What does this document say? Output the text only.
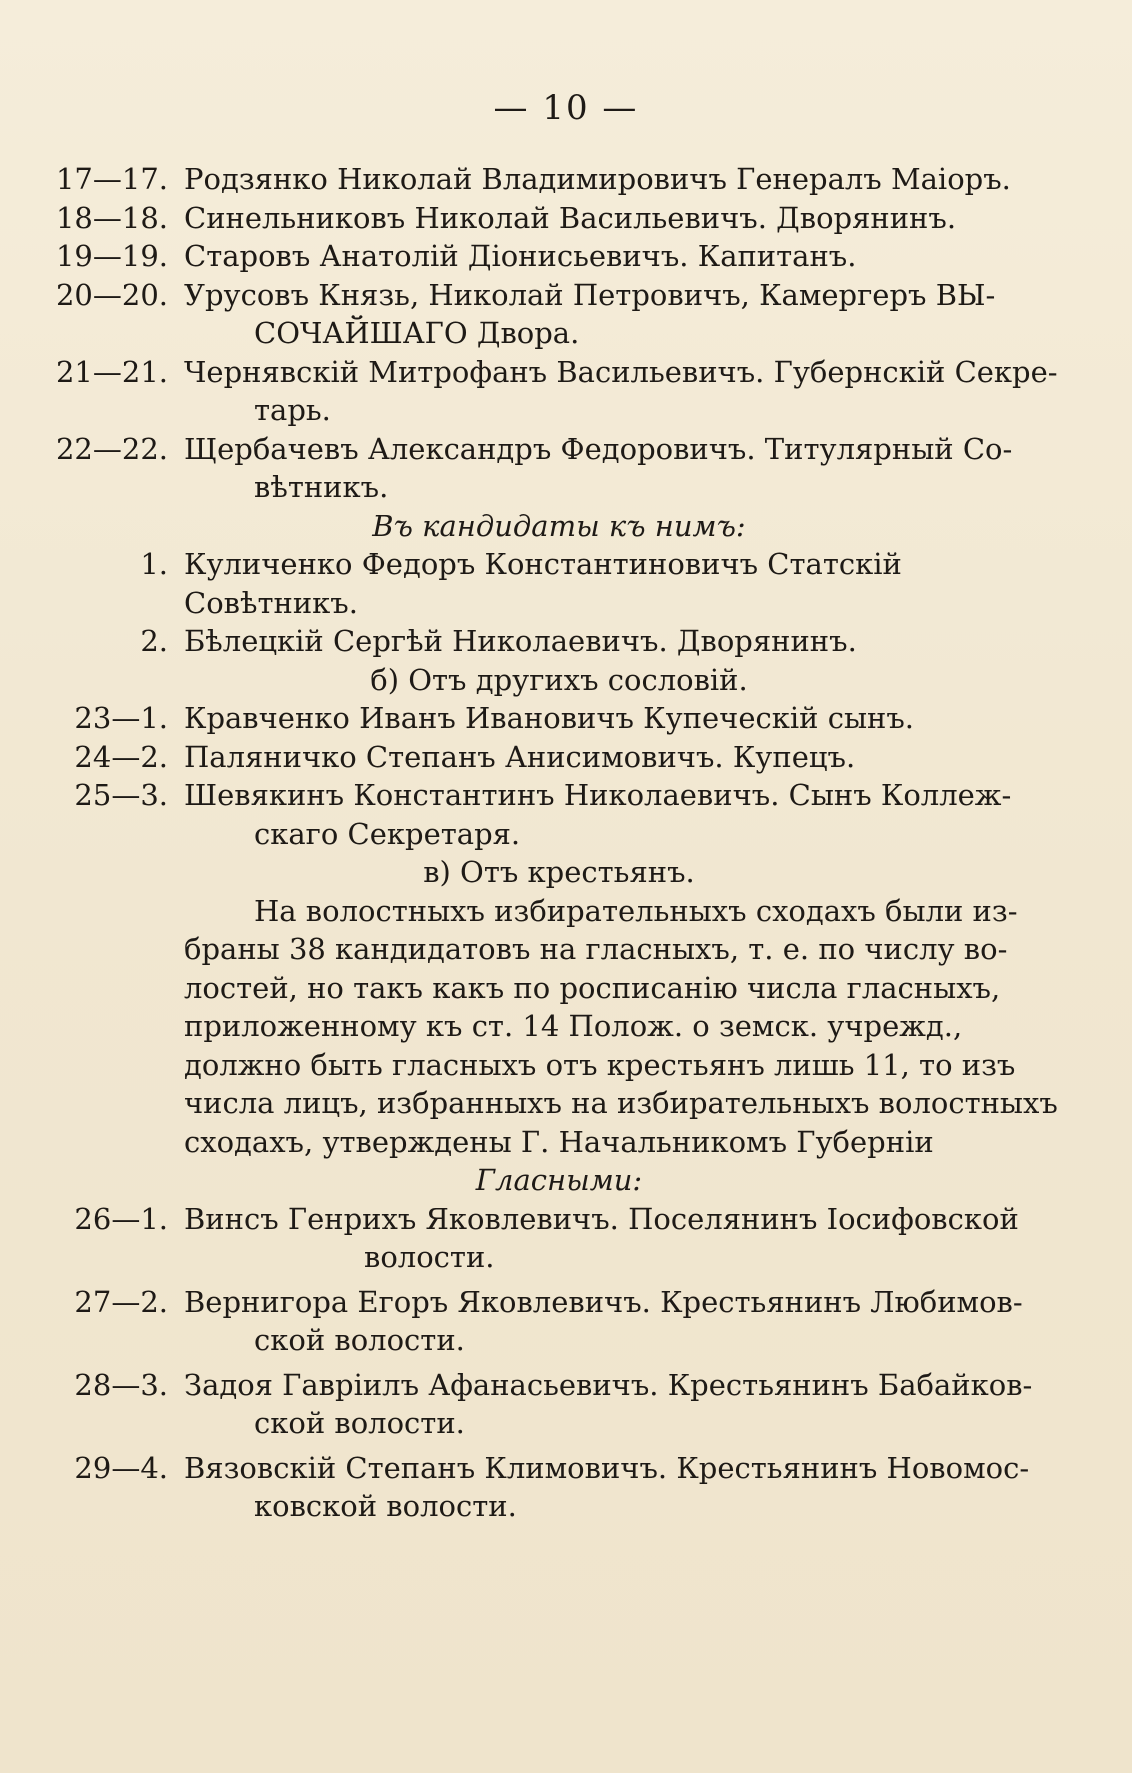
— 10 —
17—17. Родзянко Николай Владимировичъ Генералъ Маіоръ.
18—18. Синельниковъ Николай Васильевичъ. Дворянинъ.
19—19. Старовъ Анатолій Діонисьевичъ. Капитанъ.
20—20. Урусовъ Князь, Николай Петровичъ, Камергеръ ВЫ-
СОЧАЙШАГО Двора.
21—21. Чернявскій Митрофанъ Васильевичъ. Губернскій Секре-
тарь.
22—22. Щербачевъ Александръ Федоровичъ. Титулярный Со-
вѣтникъ.
Въ кандидаты къ нимъ:
1. Куличенко Федоръ Константиновичъ Статскій Совѣтникъ.
2. Бѣлецкій Сергѣй Николаевичъ. Дворянинъ.
б) Отъ другихъ сословій.
23—1. Кравченко Иванъ Ивановичъ Купеческій сынъ.
24—2. Паляничко Степанъ Анисимовичъ. Купецъ.
25—3. Шевякинъ Константинъ Николаевичъ. Сынъ Коллеж-
скаго Секретаря.
в) Отъ крестьянъ.
На волостныхъ избирательныхъ сходахъ были из-
браны 38 кандидатовъ на гласныхъ, т. е. по числу во-
лостей, но такъ какъ по росписанію числа гласныхъ,
приложенному къ ст. 14 Полож. о земск. учрежд.,
должно быть гласныхъ отъ крестьянъ лишь 11, то изъ
числа лицъ, избранныхъ на избирательныхъ волостныхъ
сходахъ, утверждены Г. Начальникомъ Губерніи
Гласными:
26—1. Винсъ Генрихъ Яковлевичъ. Поселянинъ Іосифовской
волости.
27—2. Вернигора Егоръ Яковлевичъ. Крестьянинъ Любимов-
ской волости.
28—3. Задоя Гавріилъ Афанасьевичъ. Крестьянинъ Бабайков-
ской волости.
29—4. Вязовскій Степанъ Климовичъ. Крестьянинъ Новомос-
ковской волости.
